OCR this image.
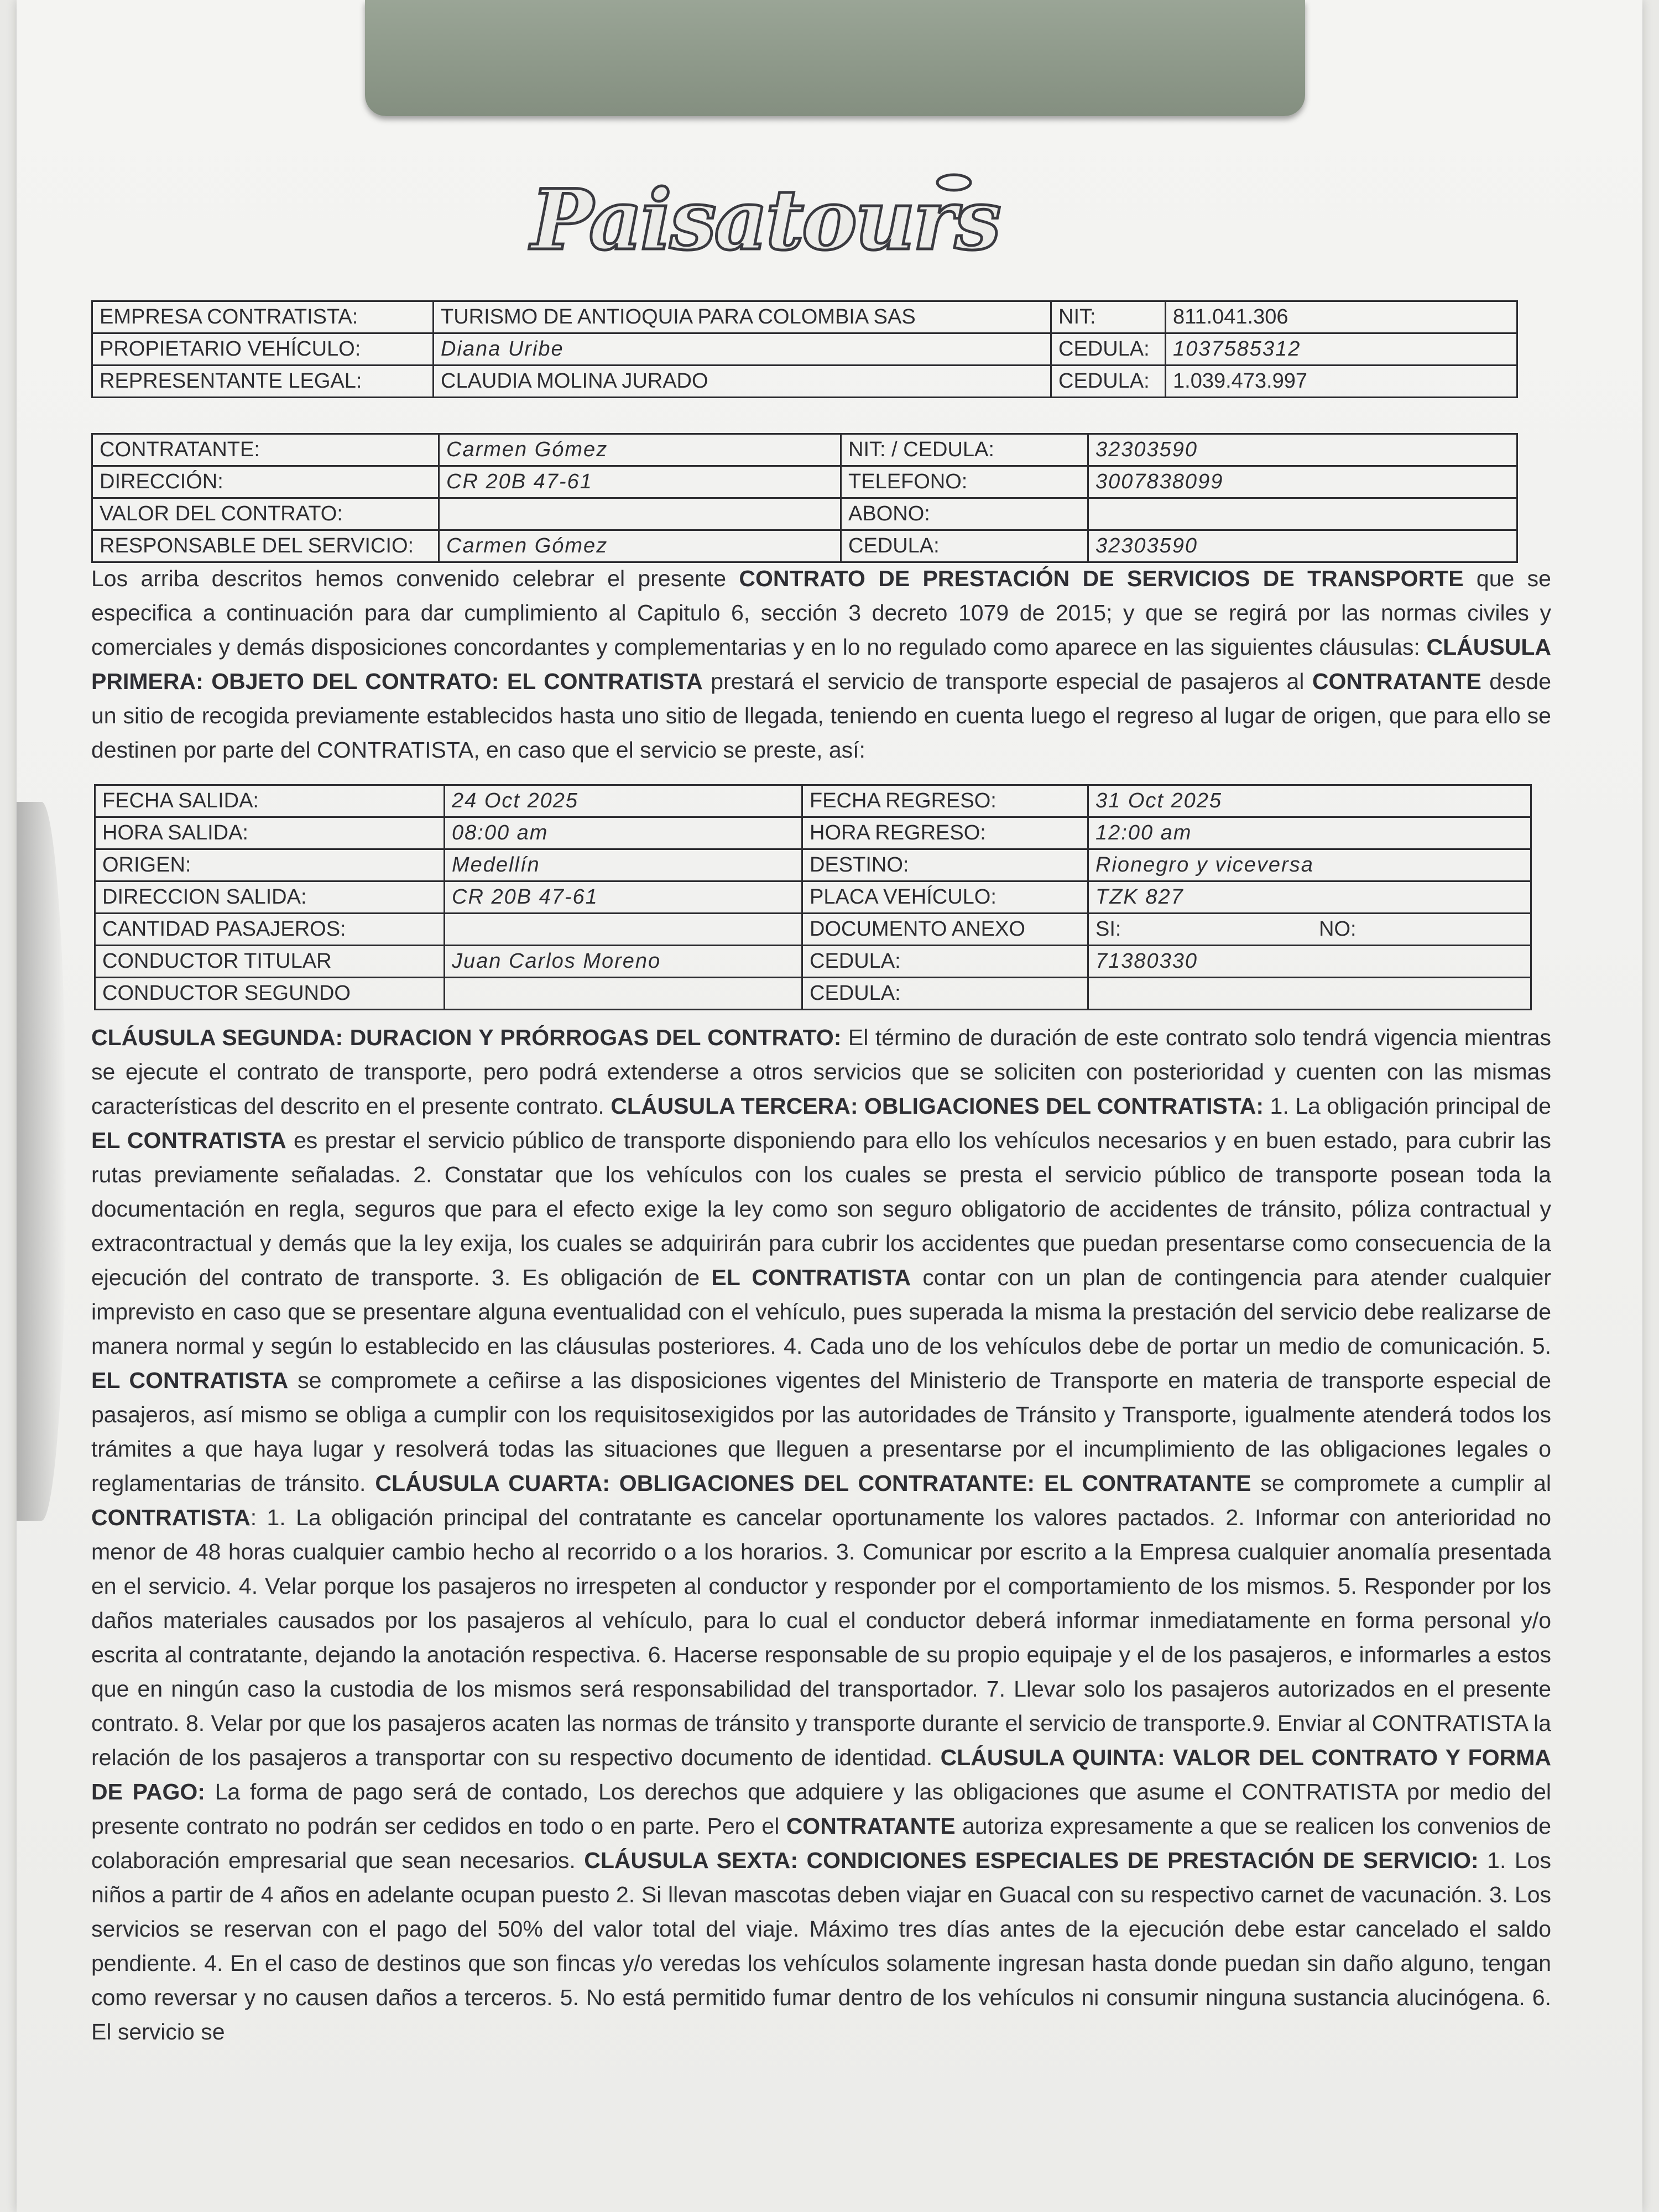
Paisatours
EMPRESA CONTRATISTA:	TURISMO DE ANTIOQUIA PARA COLOMBIA SAS	NIT:	811.041.306
PROPIETARIO VEHÍCULO:	Diana Uribe	CEDULA:	1037585312
REPRESENTANTE LEGAL:	CLAUDIA MOLINA JURADO	CEDULA:	1.039.473.997
CONTRATANTE:	Carmen Gómez	NIT: / CEDULA:	32303590
DIRECCIÓN:	CR 20B 47-61	TELEFONO:	3007838099
VALOR DEL CONTRATO:		ABONO:	
RESPONSABLE DEL SERVICIO:	Carmen Gómez	CEDULA:	32303590
Los arriba descritos hemos convenido celebrar el presente CONTRATO DE PRESTACIÓN DE SERVICIOS DE TRANSPORTE que se especifica a continuación para dar cumplimiento al Capitulo 6, sección 3 decreto 1079 de 2015; y que se regirá por las normas civiles y comerciales y demás disposiciones concordantes y complementarias y en lo no regulado como aparece en las siguientes cláusulas: CLÁUSULA PRIMERA: OBJETO DEL CONTRATO: EL CONTRATISTA prestará el servicio de transporte especial de pasajeros al CONTRATANTE desde un sitio de recogida previamente establecidos hasta uno sitio de llegada, teniendo en cuenta luego el regreso al lugar de origen, que para ello se destinen por parte del CONTRATISTA, en caso que el servicio se preste, así:
FECHA SALIDA:	24 Oct 2025	FECHA REGRESO:	31 Oct 2025	
HORA SALIDA:	08:00 am	HORA REGRESO:	12:00 am	
ORIGEN:	Medellín	DESTINO:	Rionegro y viceversa	
DIRECCION SALIDA:	CR 20B 47-61	PLACA VEHÍCULO:	TZK 827	
CANTIDAD PASAJEROS:		DOCUMENTO ANEXO	SI:	NO:
CONDUCTOR TITULAR	Juan Carlos Moreno	CEDULA:	71380330	
CONDUCTOR SEGUNDO		CEDULA:		
CLÁUSULA SEGUNDA: DURACION Y PRÓRROGAS DEL CONTRATO: El término de duración de este contrato solo tendrá vigencia mientras se ejecute el contrato de transporte, pero podrá extenderse a otros servicios que se soliciten con posterioridad y cuenten con las mismas características del descrito en el presente contrato. CLÁUSULA TERCERA: OBLIGACIONES DEL CONTRATISTA: 1. La obligación principal de EL CONTRATISTA es prestar el servicio público de transporte disponiendo para ello los vehículos necesarios y en buen estado, para cubrir las rutas previamente señaladas. 2. Constatar que los vehículos con los cuales se presta el servicio público de transporte posean toda la documentación en regla, seguros que para el efecto exige la ley como son seguro obligatorio de accidentes de tránsito, póliza contractual y extracontractual y demás que la ley exija, los cuales se adquirirán para cubrir los accidentes que puedan presentarse como consecuencia de la ejecución del contrato de transporte. 3. Es obligación de EL CONTRATISTA contar con un plan de contingencia para atender cualquier imprevisto en caso que se presentare alguna eventualidad con el vehículo, pues superada la misma la prestación del servicio debe realizarse de manera normal y según lo establecido en las cláusulas posteriores. 4. Cada uno de los vehículos debe de portar un medio de comunicación. 5. EL CONTRATISTA se compromete a ceñirse a las disposiciones vigentes del Ministerio de Transporte en materia de transporte especial de pasajeros, así mismo se obliga a cumplir con los requisitosexigidos por las autoridades de Tránsito y Transporte, igualmente atenderá todos los trámites a que haya lugar y resolverá todas las situaciones que lleguen a presentarse por el incumplimiento de las obligaciones legales o reglamentarias de tránsito. CLÁUSULA CUARTA: OBLIGACIONES DEL CONTRATANTE: EL CONTRATANTE se compromete a cumplir al CONTRATISTA: 1. La obligación principal del contratante es cancelar oportunamente los valores pactados. 2. Informar con anterioridad no menor de 48 horas cualquier cambio hecho al recorrido o a los horarios. 3. Comunicar por escrito a la Empresa cualquier anomalía presentada en el servicio. 4. Velar porque los pasajeros no irrespeten al conductor y responder por el comportamiento de los mismos. 5. Responder por los daños materiales causados por los pasajeros al vehículo, para lo cual el conductor deberá informar inmediatamente en forma personal y/o escrita al contratante, dejando la anotación respectiva. 6. Hacerse responsable de su propio equipaje y el de los pasajeros, e informarles a estos que en ningún caso la custodia de los mismos será responsabilidad del transportador. 7. Llevar solo los pasajeros autorizados en el presente contrato. 8. Velar por que los pasajeros acaten las normas de tránsito y transporte durante el servicio de transporte.9. Enviar al CONTRATISTA la relación de los pasajeros a transportar con su respectivo documento de identidad. CLÁUSULA QUINTA: VALOR DEL CONTRATO Y FORMA DE PAGO: La forma de pago será de contado, Los derechos que adquiere y las obligaciones que asume el CONTRATISTA por medio del presente contrato no podrán ser cedidos en todo o en parte. Pero el CONTRATANTE autoriza expresamente a que se realicen los convenios de colaboración empresarial que sean necesarios. CLÁUSULA SEXTA: CONDICIONES ESPECIALES DE PRESTACIÓN DE SERVICIO: 1. Los niños a partir de 4 años en adelante ocupan puesto 2. Si llevan mascotas deben viajar en Guacal con su respectivo carnet de vacunación. 3. Los servicios se reservan con el pago del 50% del valor total del viaje. Máximo tres días antes de la ejecución debe estar cancelado el saldo pendiente. 4. En el caso de destinos que son fincas y/o veredas los vehículos solamente ingresan hasta donde puedan sin daño alguno, tengan como reversar y no causen daños a terceros. 5. No está permitido fumar dentro de los vehículos ni consumir ninguna sustancia alucinógena. 6. El servicio se
